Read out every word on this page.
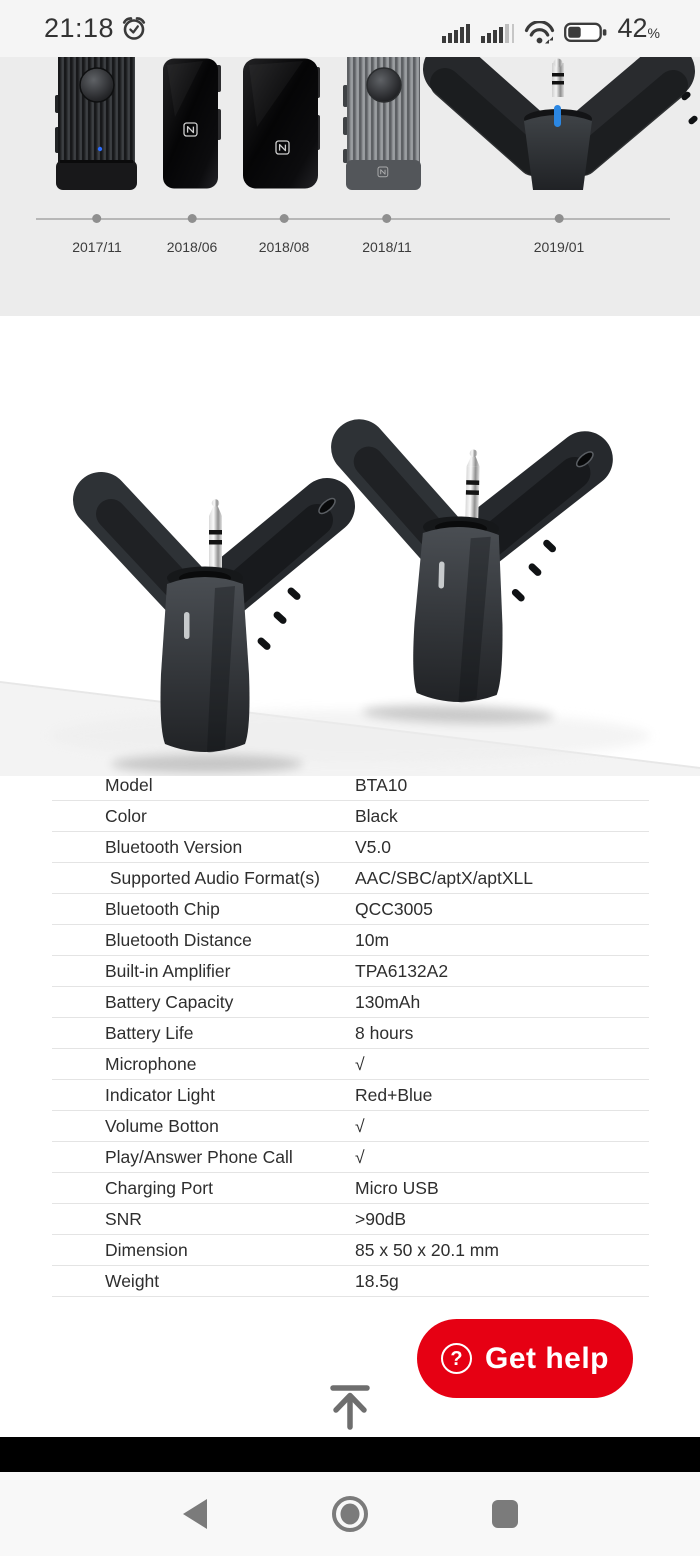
21:18	42 %
2017/11	2018/06	2018/08	2018/11	2019/01
Model	BTA10
Color	Black
Bluetooth Version	V5.0
Supported Audio Format(s)	AAC/SBC/aptX/aptXLL
Bluetooth Chip	QCC3005
Bluetooth Distance	10m
Built-in Amplifier	TPA6132A2
Battery Capacity	130mAh
Battery Life	8 hours
Microphone	√
Indicator Light	Red+Blue
Volume Botton	√
Play/Answer Phone Call	√
Charging Port	Micro USB
SNR	>90dB
Dimension	85 x 50 x 20.1 mm
Weight	18.5g
? Get help
